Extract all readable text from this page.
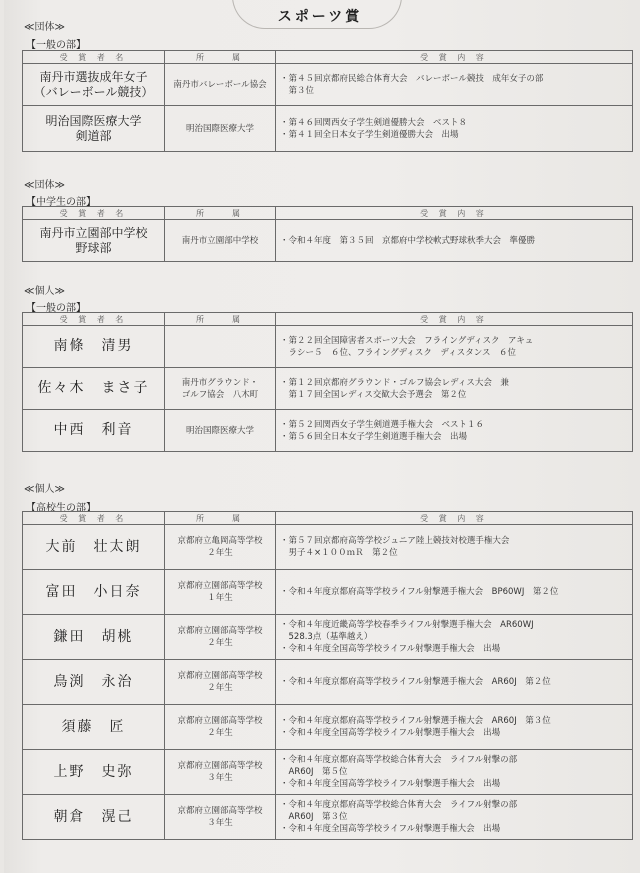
スポーツ賞
≪団体≫
【一般の部】
受 賞 者 名	所　　属	受 賞 内 容

南丹市選抜成年女子
（バレーボール競技）	南丹市バレーボール協会	・第４５回京都府民総合体育大会　バレーボール競技　成年女子の部
　第３位

明治国際医療大学
剣道部	明治国際医療大学	・第４６回関西女子学生剣道優勝大会　ベスト８
・第４１回全日本女子学生剣道優勝大会　出場
≪団体≫
【中学生の部】
受 賞 者 名	所　　属	受 賞 内 容

南丹市立園部中学校
野球部	南丹市立園部中学校	・令和４年度　第３５回　京都府中学校軟式野球秋季大会　準優勝
≪個人≫
【一般の部】
受 賞 者 名	所　　属	受 賞 内 容

南條　清男		・第２２回全国障害者スポーツ大会　フライングディスク　アキュ
　ラシー５　６位、フライングディスク　ディスタンス　６位

佐々木　まさ子	南丹市グラウンド・
ゴルフ協会　八木町	・第１２回京都府グラウンド・ゴルフ協会レディス大会　兼
　第１７回全国レディス交歓大会予選会　第２位

中西　利音	明治国際医療大学	・第５２回関西女子学生剣道選手権大会　ベスト１６
・第５６回全日本女子学生剣道選手権大会　出場
≪個人≫
【高校生の部】
受 賞 者 名	所　　属	受 賞 内 容

大前　壮太朗	京都府立亀岡高等学校
２年生	・第５７回京都府高等学校ジュニア陸上競技対校選手権大会
　男子４×１００ｍＲ　第２位

富田　小日奈	京都府立園部高等学校
１年生	・令和４年度京都府高等学校ライフル射撃選手権大会　BP60WJ　第２位

鎌田　胡桃	京都府立園部高等学校
２年生	・令和４年度近畿高等学校春季ライフル射撃選手権大会　AR60WJ
　528.3点（基準越え）
・令和４年度全国高等学校ライフル射撃選手権大会　出場

鳥渕　永治	京都府立園部高等学校
２年生	・令和４年度京都府高等学校ライフル射撃選手権大会　AR60J　第２位

須藤　匠	京都府立園部高等学校
２年生	・令和４年度京都府高等学校ライフル射撃選手権大会　AR60J　第３位
・令和４年度全国高等学校ライフル射撃選手権大会　出場

上野　史弥	京都府立園部高等学校
３年生	・令和４年度京都府高等学校総合体育大会　ライフル射撃の部
　AR60J　第５位
・令和４年度全国高等学校ライフル射撃選手権大会　出場

朝倉　滉己	京都府立園部高等学校
３年生	・令和４年度京都府高等学校総合体育大会　ライフル射撃の部
　AR60J　第３位
・令和４年度全国高等学校ライフル射撃選手権大会　出場
